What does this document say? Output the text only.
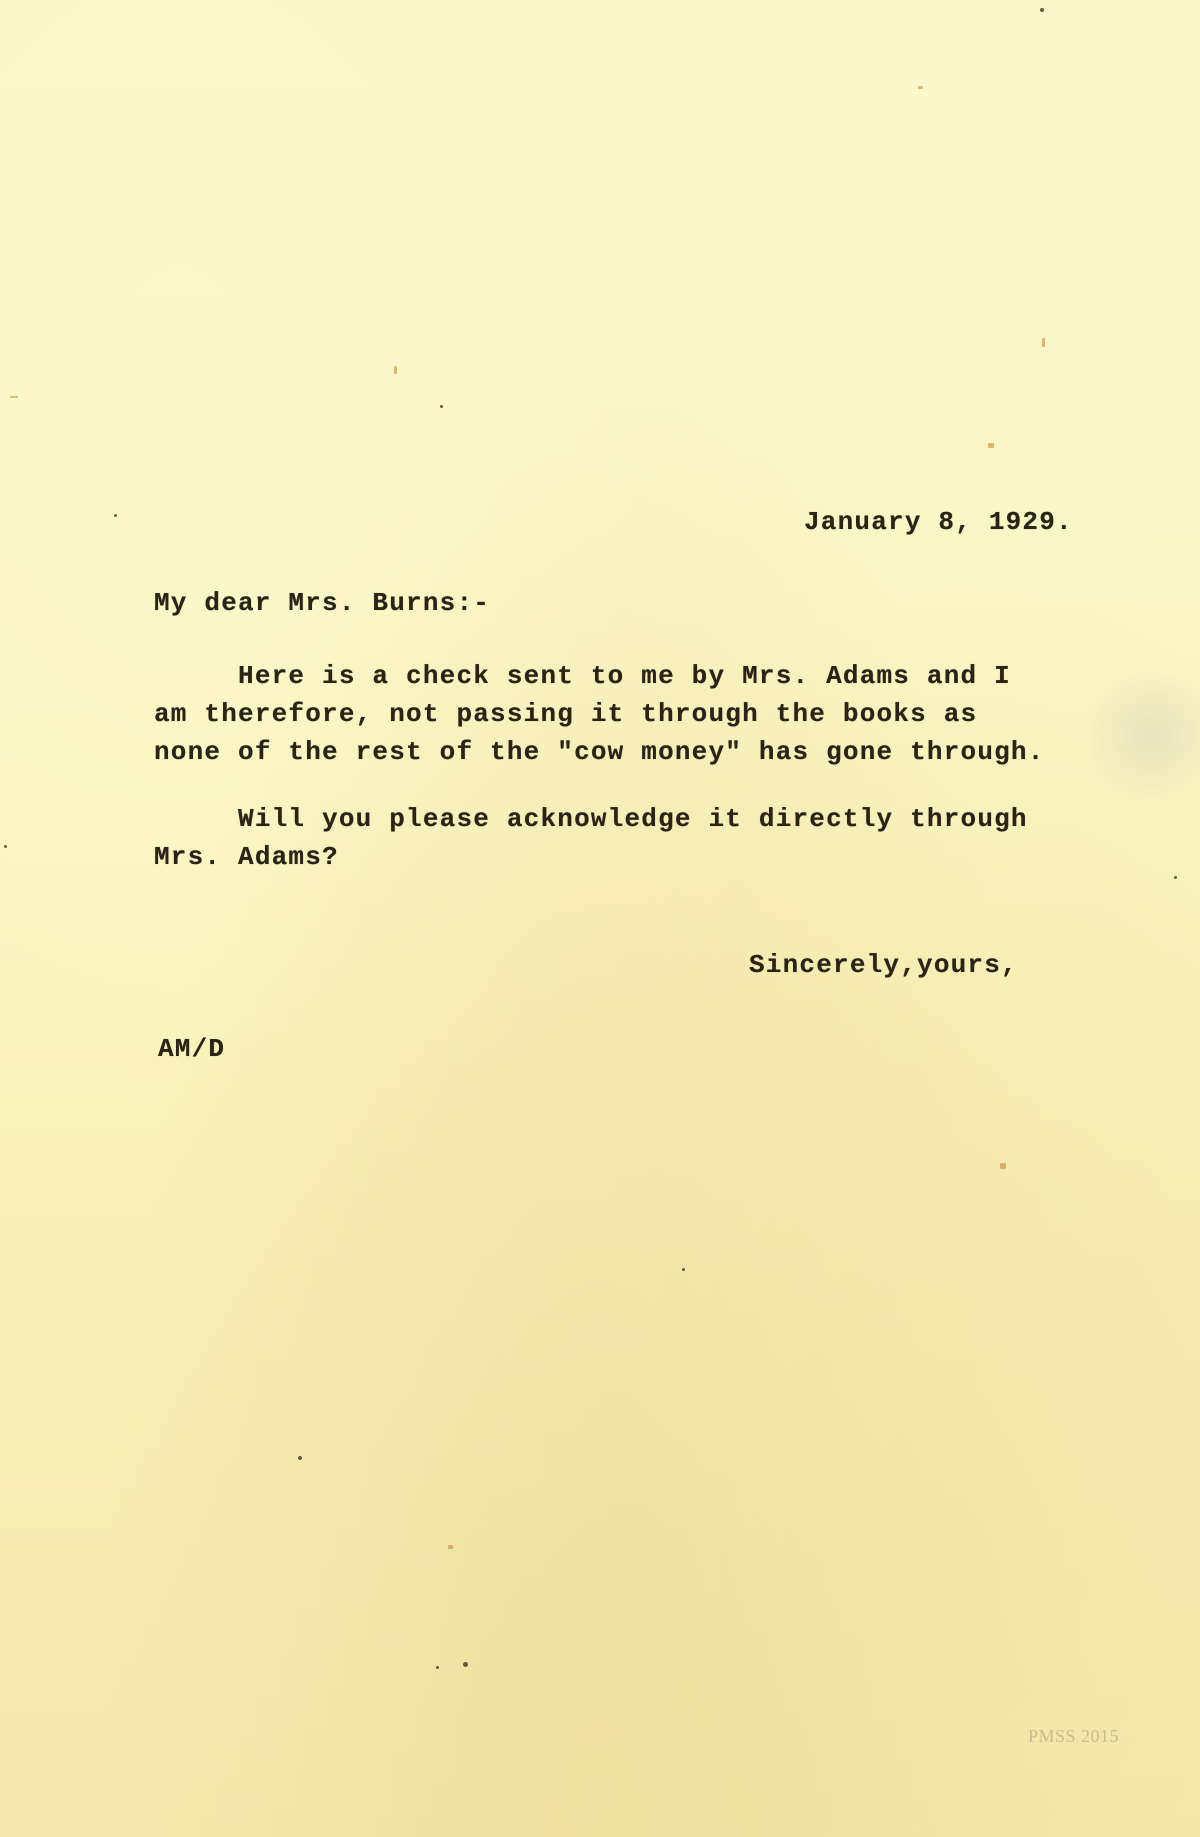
January 8, 1929.

My dear Mrs. Burns:-

Here is a check sent to me by Mrs. Adams and I
am therefore, not passing it through the books as
none of the rest of the "cow money" has gone through.

Will you please acknowledge it directly through
Mrs. Adams?

Sincerely,yours,

AM/D

PMSS 2015
